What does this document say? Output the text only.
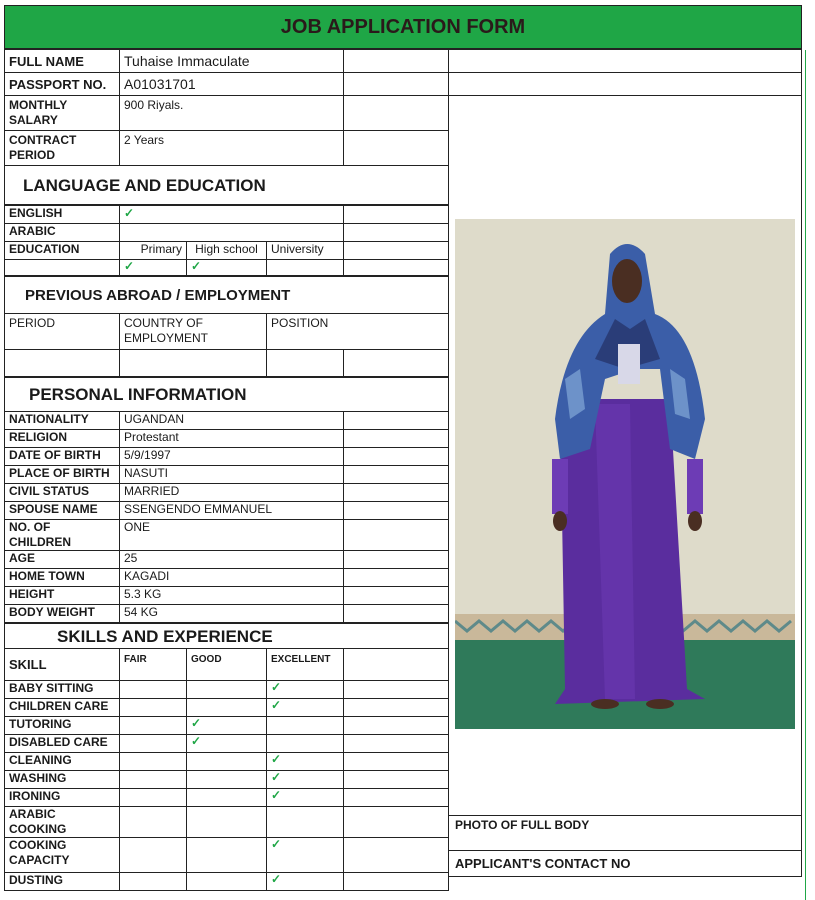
JOB APPLICATION FORM
FULL NAME	Tuhaise Immaculate	
PASSPORT NO.	A01031701	
MONTHLY SALARY	900 Riyals.	
CONTRACT PERIOD	2 Years	
LANGUAGE AND EDUCATION		
ENGLISH	✓			
ARABIC				
EDUCATION	Primary	High school	University	
	✓	✓		
PREVIOUS ABROAD / EMPLOYMENT			
PERIOD	COUNTRY OF EMPLOYMENT	POSITION	

PERSONAL INFORMATION		
NATIONALITY	UGANDAN	
RELIGION	Protestant	
DATE OF BIRTH	5/9/1997	
PLACE OF BIRTH	NASUTI	
CIVIL STATUS	MARRIED	
SPOUSE NAME	SSENGENDO EMMANUEL	
NO. OF CHILDREN	ONE	
AGE	25	
HOME TOWN	KAGADI	
HEIGHT	5.3 KG	
BODY WEIGHT	54 KG	
SKILLS AND EXPERIENCE				
SKILL	FAIR	GOOD	EXCELLENT	
BABY SITTING			✓	
CHILDREN CARE			✓	
TUTORING		✓		
DISABLED CARE		✓		
CLEANING			✓	
WASHING			✓	
IRONING			✓	
ARABIC COOKING				
COOKING CAPACITY			✓	
DUSTING			✓	

PHOTO OF FULL BODY
APPLICANT'S CONTACT NO
